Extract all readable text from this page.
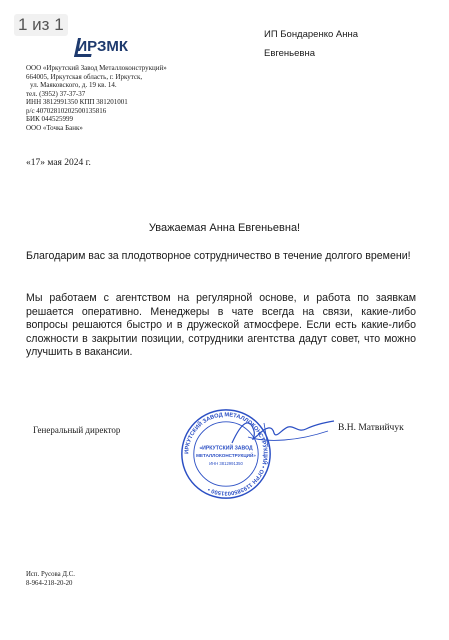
1 из 1
ИРЗМК
ООО «Иркутский Завод Металлоконструкций»
664005, Иркутская область, г. Иркутск,
ул. Маяковского, д. 19 кв. 14.
тел. (3952) 37-37-37
ИНН 3812991350 КПП 381201001
р/с 40702810202500135816
БИК 044525999
ООО «Точка Банк»
ИП Бондаренко Анна
Евгеньевна
«17» мая 2024 г.
Уважаемая Анна Евгеньевна!
Благодарим вас за плодотворное сотрудничество в течение долгого времени!
Мы работаем с агентством на регулярной основе, и работа по заявкам решается оперативно. Менеджеры в чате всегда на связи, какие-либо вопросы решаются быстро и в дружеской атмосфере. Если есть какие-либо сложности в закрытии позиции, сотрудники агентства дадут совет, что можно улучшить в вакансии.
Генеральный директор	В.Н. Матвийчук
ИРКУТСКИЙ ЗАВОД МЕТАЛЛОКОНСТРУКЦИЙ • ОГРН 1193850031500 •
«ИРКУТСКИЙ ЗАВОД
МЕТАЛЛОКОНСТРУКЦИЙ»
ИНН 3812991350
Исп. Русова Д.С.
8-964-218-20-20
